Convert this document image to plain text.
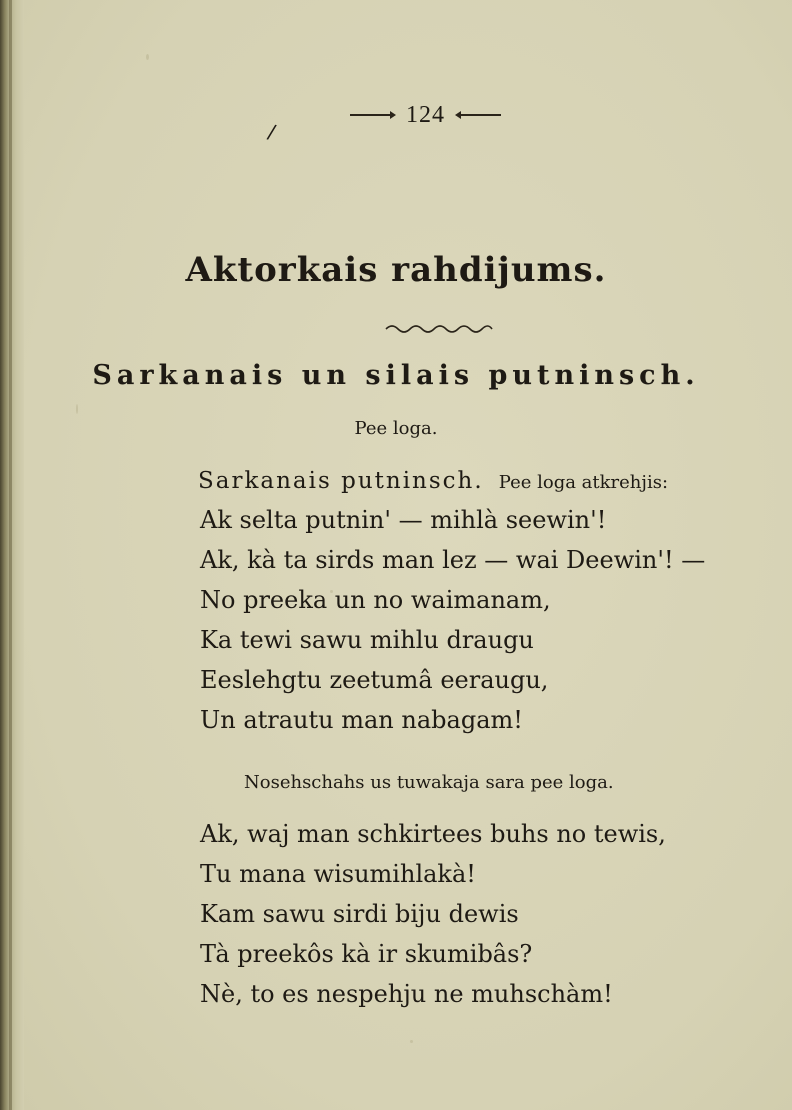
124
/
Aktorkais rahdijums.
Sarkanais un silais putninsch.
Pee loga.
Sarkanais putninsch. Pee loga atkrehjis:
Ak selta putnin' — mihlà seewin'!
Ak, kà ta sirds man lez — wai Deewin'! —
No preeka un no waimanam,
Ka tewi sawu mihlu draugu
Eeslehgtu zeetumâ eeraugu,
Un atrautu man nabagam!
Nosehschahs us tuwakaja sara pee loga.
Ak, waj man schkirtees buhs no tewis,
Tu mana wisumihlakà!
Kam sawu sirdi biju dewis
Tà preekôs kà ir skumibâs?
Nè, to es nespehju ne muhschàm!
